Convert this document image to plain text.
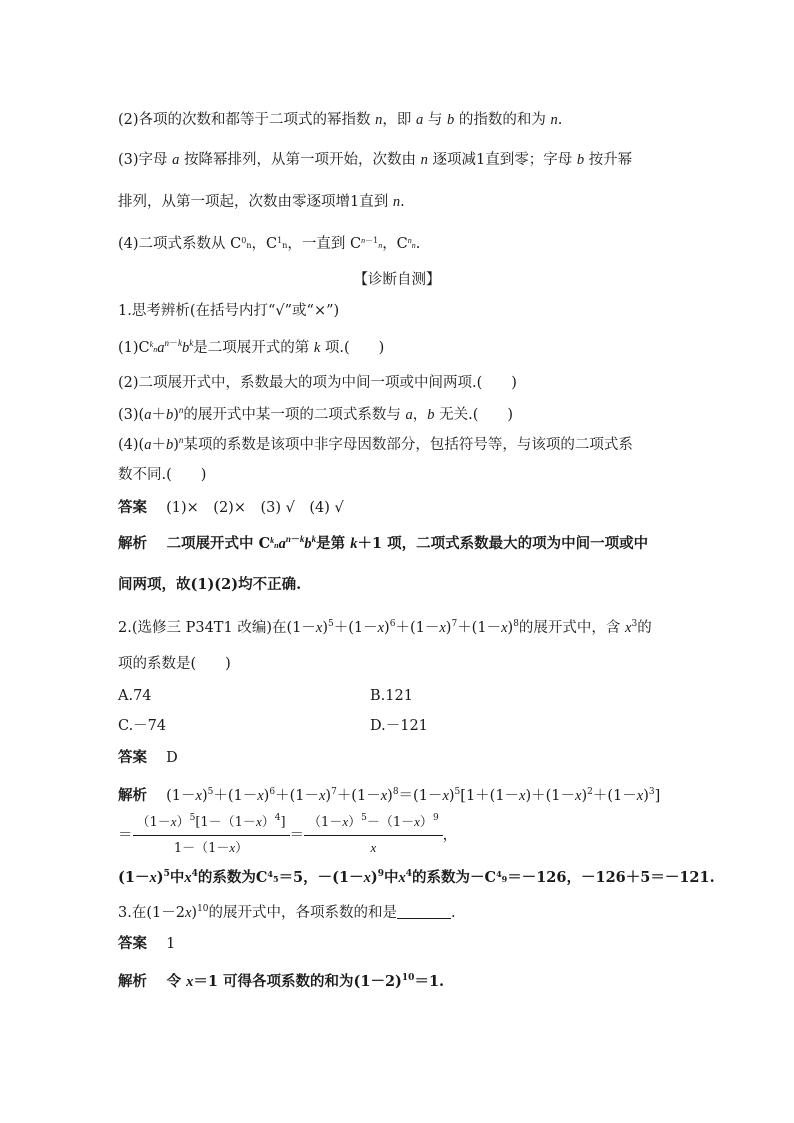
(2)各项的次数和都等于二项式的幂指数 n，即 a 与 b 的指数的和为 n.
(3)字母 a 按降幂排列，从第一项开始，次数由 n 逐项减1直到零；字母 b 按升幂
排列，从第一项起，次数由零逐项增1直到 n.
(4)二项式系数从 $C^0n$，$C^1n$，一直到 $C^{n-1}n$，$C^nn$.
【诊断自测】
1.思考辨析(在括号内打“√”或“×”)
$(1)C^kna^{n-k}b^k$是二项展开式的第 k 项.(　　)
(2)二项展开式中，系数最大的项为中间一项或中间两项.(　　)
$(3)(a+b)^n$的展开式中某一项的二项式系数与 a，b 无关.(　　)
$(4)(a+b)^n$某项的系数是该项中非字母因数部分，包括符号等，与该项的二项式系
数不同.(　　)
答案　 (1)×　(2)×　(3) √　(4) √
解析　 二项展开式中 $C^kna^{n-k}b^k$是第 k＋1 项，二项式系数最大的项为中间一项或中
间两项，故(1)(2)均不正确.
2.(选修三 P34T1 改编)在$(1-x)^5+(1-x)^6+(1-x)^7+(1-x)^8$的展开式中，含 $x^3$的
项的系数是(　　)
A.74	B.121
C.－74	D.－121
答案　 D
解析　 $(1-x)^5+(1-x)^6+(1-x)^7+(1-x)^8=(1-x)^5[1+(1-x)+(1-x)^2+(1-x)^3]$
＝ $\frac{(1-x)^5[1-(1-x)^4]}{1-(1-x)} = \frac{(1-x)^5-(1-x)^9}{x}$ ，
$(1-x)^5$中$x^4$的系数为$C^45=5$，$-(1-x)^9$中$x^4$的系数为$-C^49=-126$，－126＋5＝－121.
3.在$(1-2x)^{10}$的展开式中，各项系数的和是	.
答案　 1
解析　 令 x＝1 可得各项系数的和为$(1-2)^{10}=1$.
